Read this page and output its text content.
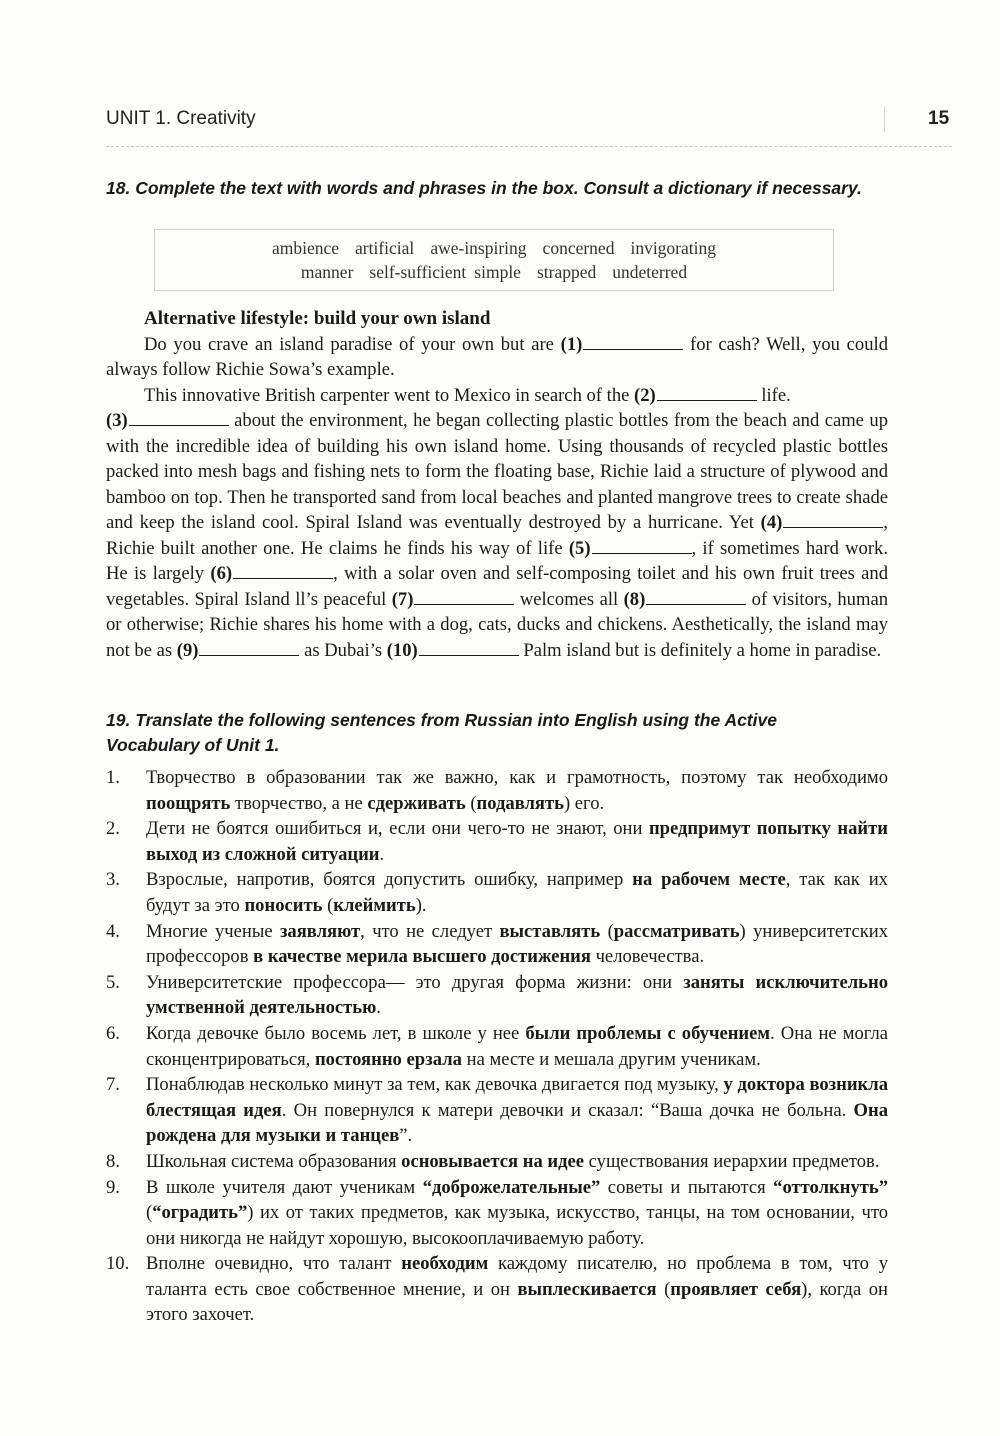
UNIT 1. Creativity	15
18. Complete the text with words and phrases in the box. Consult a dictionary if necessary.
ambience artificial awe-inspiring concerned invigorating
manner self-sufficient simple strapped undeterred
Alternative lifestyle: build your own island

Do you crave an island paradise of your own but are (1)	for cash? Well, you could always follow Richie Sowa’s example.

This innovative British carpenter went to Mexico in search of the (2)	life.

(3)	about the environment, he began collecting plastic bottles from the beach and came up with the incredible idea of building his own island home. Using thousands of recycled plastic bottles packed into mesh bags and fishing nets to form the floating base, Richie laid a structure of plywood and bamboo on top. Then he transported sand from local beaches and planted mangrove trees to create shade and keep the island cool. Spiral Island was eventually destroyed by a hurricane. Yet (4)	, Richie built another one. He claims he finds his way of life (5)	, if sometimes hard work. He is largely (6)	, with a solar oven and self-composing toilet and his own fruit trees and vegetables. Spiral Island ll’s peaceful (7)	welcomes all (8)	of visitors, human or otherwise; Richie shares his home with a dog, cats, ducks and chickens. Aesthetically, the island may not be as (9)	as Dubai’s (10)	Palm island but is definitely a home in paradise.

19. Translate the following sentences from Russian into English using the Active Vocabulary of Unit 1.
1. Творчество в образовании так же важно, как и грамотность, поэтому так необходимо поощрять творчество, а не сдерживать (подавлять) его.
2. Дети не боятся ошибиться и, если они чего-то не знают, они предпримут попытку найти выход из сложной ситуации.
3. Взрослые, напротив, боятся допустить ошибку, например на рабочем месте, так как их будут за это поносить (клеймить).
4. Многие ученые заявляют, что не следует выставлять (рассматривать) университетских профессоров в качестве мерила высшего достижения человечества.
5. Университетские профессора— это другая форма жизни: они заняты исключительно умственной деятельностью.
6. Когда девочке было восемь лет, в школе у нее были проблемы с обучением. Она не могла сконцентрироваться, постоянно ерзала на месте и мешала другим ученикам.
7. Понаблюдав несколько минут за тем, как девочка двигается под музыку, у доктора возникла блестящая идея. Он повернулся к матери девочки и сказал: “Ваша дочка не больна. Она рождена для музыки и танцев”.
8. Школьная система образования основывается на идее существования иерархии предметов.
9. В школе учителя дают ученикам “доброжелательные” советы и пытаются “оттолкнуть” (“оградить”) их от таких предметов, как музыка, искусство, танцы, на том основании, что они никогда не найдут хорошую, высокооплачиваемую работу.
10. Вполне очевидно, что талант необходим каждому писателю, но проблема в том, что у таланта есть свое собственное мнение, и он выплескивается (проявляет себя), когда он этого захочет.
